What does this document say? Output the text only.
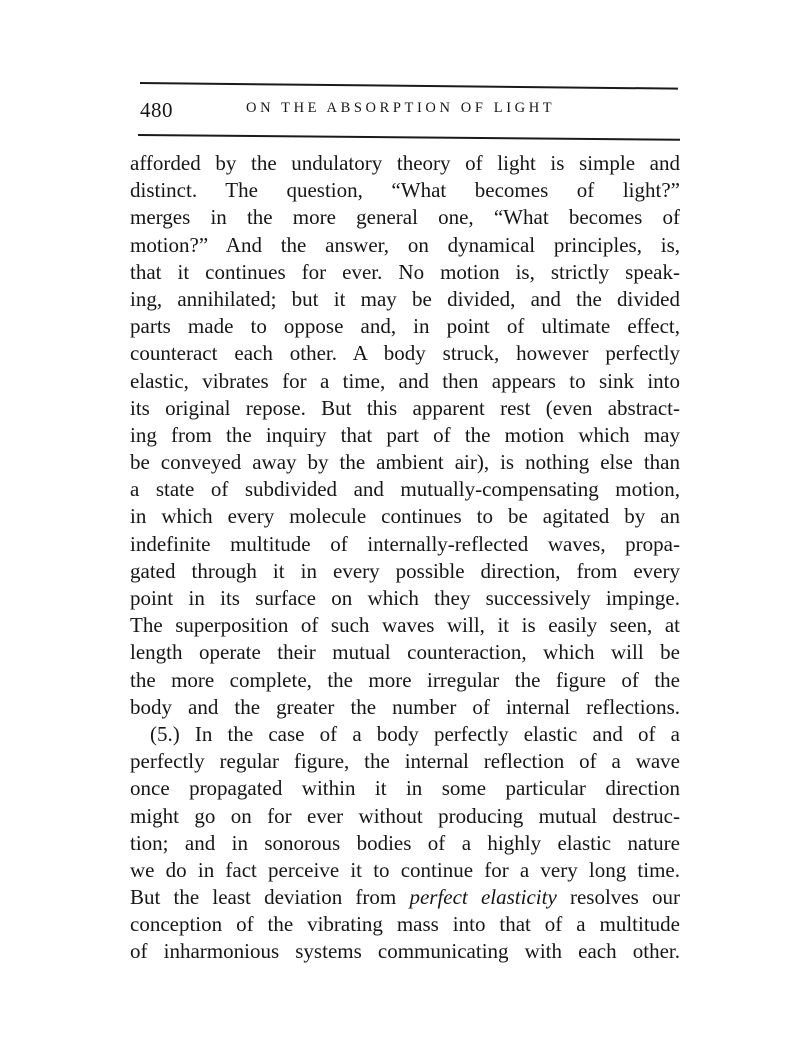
480	ON THE ABSORPTION OF LIGHT
afforded by the undulatory theory of light is simple and
distinct. The question, “What becomes of light?”
merges in the more general one, “What becomes of
motion?” And the answer, on dynamical principles, is,
that it continues for ever. No motion is, strictly speak-
ing, annihilated; but it may be divided, and the divided
parts made to oppose and, in point of ultimate effect,
counteract each other. A body struck, however perfectly
elastic, vibrates for a time, and then appears to sink into
its original repose. But this apparent rest (even abstract-
ing from the inquiry that part of the motion which may
be conveyed away by the ambient air), is nothing else than
a state of subdivided and mutually-compensating motion,
in which every molecule continues to be agitated by an
indefinite multitude of internally-reflected waves, propa-
gated through it in every possible direction, from every
point in its surface on which they successively impinge.
The superposition of such waves will, it is easily seen, at
length operate their mutual counteraction, which will be
the more complete, the more irregular the figure of the
body and the greater the number of internal reflections.
(5.) In the case of a body perfectly elastic and of a
perfectly regular figure, the internal reflection of a wave
once propagated within it in some particular direction
might go on for ever without producing mutual destruc-
tion; and in sonorous bodies of a highly elastic nature
we do in fact perceive it to continue for a very long time.
But the least deviation from perfect elasticity resolves our
conception of the vibrating mass into that of a multitude
of inharmonious systems communicating with each other.
